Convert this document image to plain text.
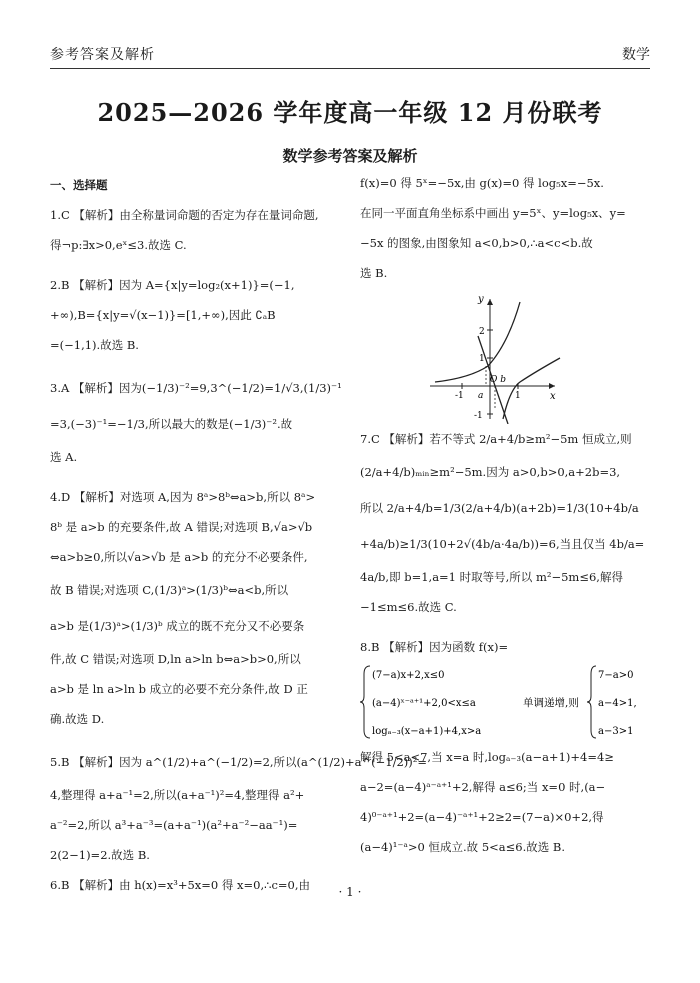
参考答案及解析	数学
2025—2026 学年度高一年级 12 月份联考
数学参考答案及解析

一、选择题

1.C 【解析】由全称量词命题的否定为存在量词命题,

得¬p:∃x>0,eˣ≤3.故选 C.

2.B 【解析】因为 A={x|y=log₂(x+1)}=(−1,

+∞),B={x|y=√(x−1)}=[1,+∞),因此 ∁ₐB

=(−1,1).故选 B.

3.A 【解析】因为(−1/3)⁻²=9,3^(−1/2)=1/√3,(1/3)⁻¹

=3,(−3)⁻¹=−1/3,所以最大的数是(−1/3)⁻².故

选 A.

4.D 【解析】对选项 A,因为 8ᵃ>8ᵇ⇔a>b,所以 8ᵃ>

8ᵇ 是 a>b 的充要条件,故 A 错误;对选项 B,√a>√b

⇔a>b≥0,所以√a>√b 是 a>b 的充分不必要条件,

故 B 错误;对选项 C,(1/3)ᵃ>(1/3)ᵇ⇔a<b,所以

a>b 是(1/3)ᵃ>(1/3)ᵇ 成立的既不充分又不必要条

件,故 C 错误;对选项 D,ln a>ln b⇔a>b>0,所以

a>b 是 ln a>ln b 成立的必要不充分条件,故 D 正

确.故选 D.

5.B 【解析】因为 a^(1/2)+a^(−1/2)=2,所以(a^(1/2)+a^(−1/2))²=

4,整理得 a+a⁻¹=2,所以(a+a⁻¹)²=4,整理得 a²+

a⁻²=2,所以 a³+a⁻³=(a+a⁻¹)(a²+a⁻²−aa⁻¹)=

2(2−1)=2.故选 B.

6.B 【解析】由 h(x)=x³+5x=0 得 x=0,∴c=0,由

f(x)=0 得 5ˣ=−5x,由 g(x)=0 得 log₅x=−5x.

在同一平面直角坐标系中画出 y=5ˣ、y=log₅x、y=

−5x 的图象,由图象知 a<0,b>0,∴a<c<b.故

选 B.

y
x
2
1
-1 a
O b
1
-1

7.C 【解析】若不等式 2/a+4/b≥m²−5m 恒成立,则

(2/a+4/b)ₘᵢₙ≥m²−5m.因为 a>0,b>0,a+2b=3,

所以 2/a+4/b=1/3(2/a+4/b)(a+2b)=1/3(10+4b/a

+4a/b)≥1/3(10+2√(4b/a·4a/b))=6,当且仅当 4b/a=

4a/b,即 b=1,a=1 时取等号,所以 m²−5m≤6,解得

−1≤m≤6.故选 C.

8.B 【解析】因为函数 f(x)=

(7−a)x+2,x≤0
(a−4)ˣ⁻ᵃ⁺¹+2,0<x≤a
logₐ₋₃(x−a+1)+4,x>a
单调递增,则
7−a>0
a−4>1,
a−3>1

解得 5<a<7,当 x=a 时,logₐ₋₃(a−a+1)+4=4≥

a−2=(a−4)ᵃ⁻ᵃ⁺¹+2,解得 a≤6;当 x=0 时,(a−

4)⁰⁻ᵃ⁺¹+2=(a−4)⁻ᵃ⁺¹+2≥2=(7−a)×0+2,得

(a−4)¹⁻ᵃ>0 恒成立.故 5<a≤6.故选 B.

· 1 ·
